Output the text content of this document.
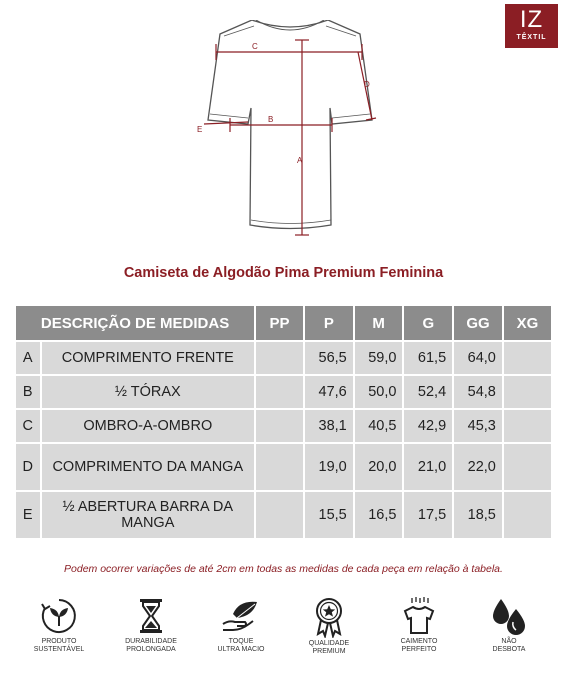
IZ
TÊXTIL
C
D
B
E
A
Camiseta de Algodão Pima Premium Feminina
DESCRIÇÃO DE MEDIDAS		PP	P	M	G	GG	XG
A	COMPRIMENTO FRENTE		56,5	59,0	61,5	64,0	
B	½ TÓRAX		47,6	50,0	52,4	54,8	
C	OMBRO-A-OMBRO		38,1	40,5	42,9	45,3	
D	COMPRIMENTO DA MANGA		19,0	20,0	21,0	22,0	
E	½ ABERTURA BARRA DA MANGA		15,5	16,5	17,5	18,5	
Podem ocorrer variações de até 2cm em todas as medidas de cada peça em relação à tabela.
PRODUTO
SUSTENTÁVEL
DURABILIDADE
PROLONGADA
TOQUE
ULTRA MACIO
QUALIDADE
PREMIUM
CAIMENTO
PERFEITO
NÃO
DESBOTA
